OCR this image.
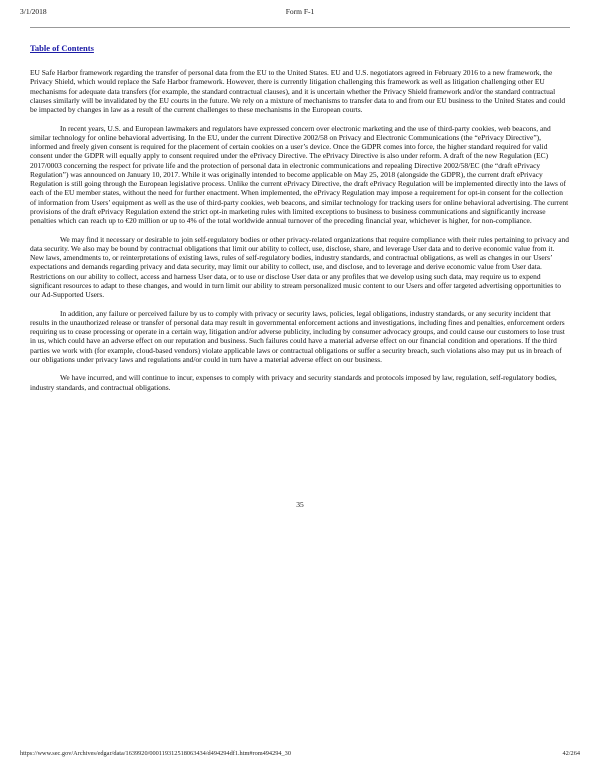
3/1/2018	Form F-1
Table of Contents

EU Safe Harbor framework regarding the transfer of personal data from the EU to the United States. EU and U.S. negotiators agreed in February 2016 to a new framework, the Privacy Shield, which would replace the Safe Harbor framework. However, there is currently litigation challenging this framework as well as litigation challenging other EU mechanisms for adequate data transfers (for example, the standard contractual clauses), and it is uncertain whether the Privacy Shield framework and/or the standard contractual clauses similarly will be invalidated by the EU courts in the future. We rely on a mixture of mechanisms to transfer data to and from our EU business to the United States and could be impacted by changes in law as a result of the current challenges to these mechanisms in the European courts.

In recent years, U.S. and European lawmakers and regulators have expressed concern over electronic marketing and the use of third-party cookies, web beacons, and similar technology for online behavioral advertising. In the EU, under the current Directive 2002/58 on Privacy and Electronic Communications (the “ePrivacy Directive”), informed and freely given consent is required for the placement of certain cookies on a user’s device. Once the GDPR comes into force, the higher standard required for valid consent under the GDPR will equally apply to consent required under the ePrivacy Directive. The ePrivacy Directive is also under reform. A draft of the new Regulation (EC) 2017/0003 concerning the respect for private life and the protection of personal data in electronic communications and repealing Directive 2002/58/EC (the “draft ePrivacy Regulation”) was announced on January 10, 2017. While it was originally intended to become applicable on May 25, 2018 (alongside the GDPR), the current draft ePrivacy Regulation is still going through the European legislative process. Unlike the current ePrivacy Directive, the draft ePrivacy Regulation will be implemented directly into the laws of each of the EU member states, without the need for further enactment. When implemented, the ePrivacy Regulation may impose a requirement for opt-in consent for the collection of information from Users’ equipment as well as the use of third-party cookies, web beacons, and similar technology for tracking users for online behavioral advertising. The current provisions of the draft ePrivacy Regulation extend the strict opt-in marketing rules with limited exceptions to business to business communications and significantly increase penalties which can reach up to €20 million or up to 4% of the total worldwide annual turnover of the preceding financial year, whichever is higher, for non-compliance.

We may find it necessary or desirable to join self-regulatory bodies or other privacy-related organizations that require compliance with their rules pertaining to privacy and data security. We also may be bound by contractual obligations that limit our ability to collect, use, disclose, share, and leverage User data and to derive economic value from it. New laws, amendments to, or reinterpretations of existing laws, rules of self-regulatory bodies, industry standards, and contractual obligations, as well as changes in our Users’ expectations and demands regarding privacy and data security, may limit our ability to collect, use, and disclose, and to leverage and derive economic value from User data. Restrictions on our ability to collect, access and harness User data, or to use or disclose User data or any profiles that we develop using such data, may require us to expend significant resources to adapt to these changes, and would in turn limit our ability to stream personalized music content to our Users and offer targeted advertising opportunities to our Ad-Supported Users.

In addition, any failure or perceived failure by us to comply with privacy or security laws, policies, legal obligations, industry standards, or any security incident that results in the unauthorized release or transfer of personal data may result in governmental enforcement actions and investigations, including fines and penalties, enforcement orders requiring us to cease processing or operate in a certain way, litigation and/or adverse publicity, including by consumer advocacy groups, and could cause our customers to lose trust in us, which could have an adverse effect on our reputation and business. Such failures could have a material adverse effect on our financial condition and operations. If the third parties we work with (for example, cloud-based vendors) violate applicable laws or contractual obligations or suffer a security breach, such violations also may put us in breach of our obligations under privacy laws and regulations and/or could in turn have a material adverse effect on our business.

We have incurred, and will continue to incur, expenses to comply with privacy and security standards and protocols imposed by law, regulation, self-regulatory bodies, industry standards, and contractual obligations.

35
https://www.sec.gov/Archives/edgar/data/1639920/000119312518063434/d494294df1.htm#rom494294_30	42/264
